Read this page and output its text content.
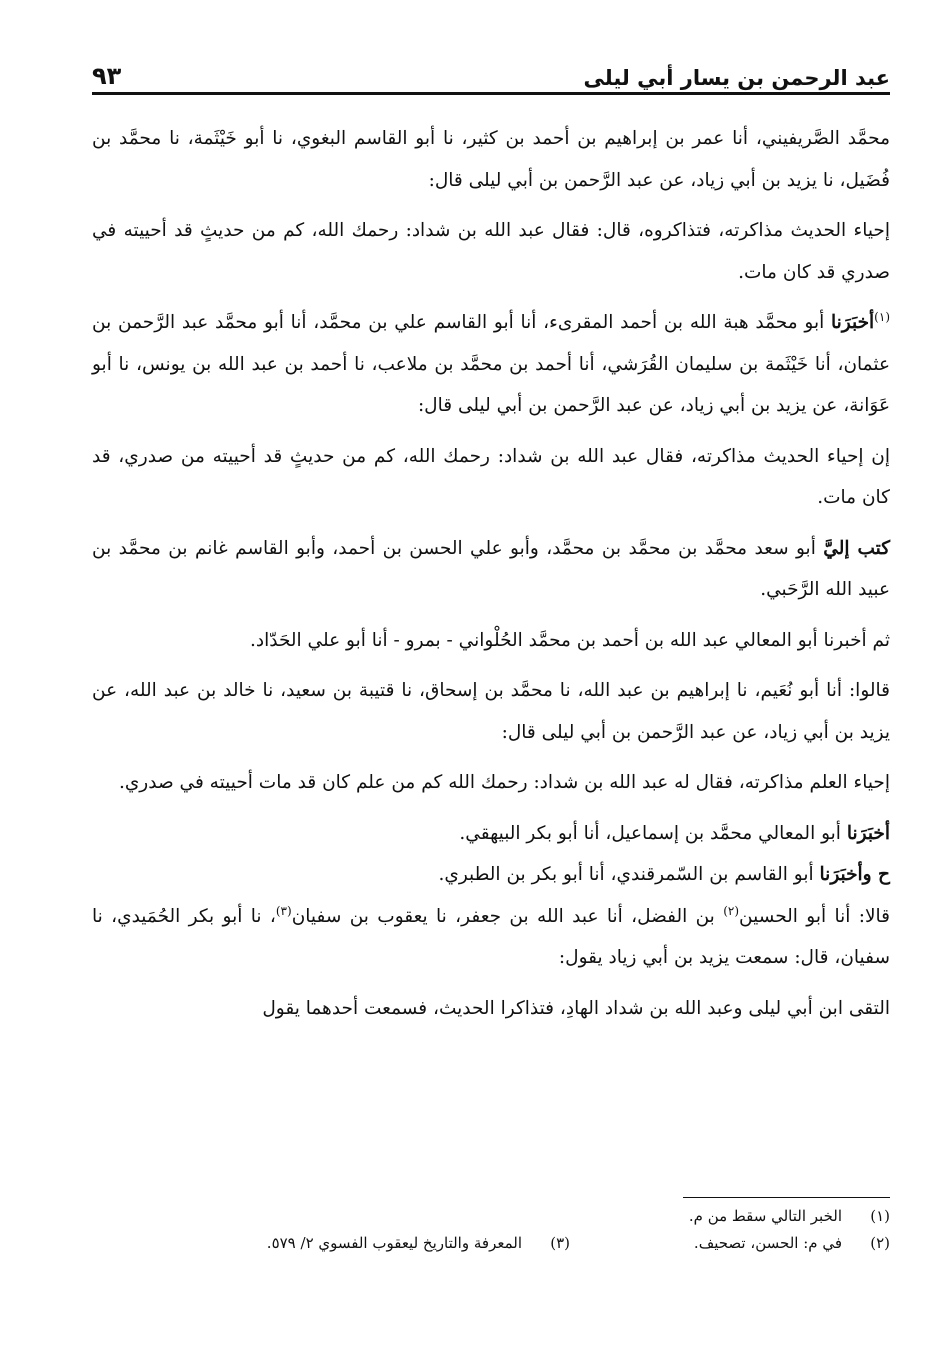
عبد الرحمن بن يسار أبي ليلى
٩٣

محمَّد الصَّريفيني، أنا عمر بن إبراهيم بن أحمد بن كثير، نا أبو القاسم البغوي، نا أبو خَيْثَمة، نا محمَّد بن فُضَيل، نا يزيد بن أبي زياد، عن عبد الرَّحمن بن أبي ليلى قال:

إحياء الحديث مذاكرته، فتذاكروه، قال: فقال عبد الله بن شداد: رحمك الله، كم من حديثٍ قد أحييته في صدري قد كان مات.

$^{(١)}$أخبَرَنا أبو محمَّد هبة الله بن أحمد المقرىء، أنا أبو القاسم علي بن محمَّد، أنا أبو محمَّد عبد الرَّحمن بن عثمان، أنا خَيْثَمة بن سليمان القُرَشي، أنا أحمد بن محمَّد بن ملاعب، نا أحمد بن عبد الله بن يونس، نا أبو عَوَانة، عن يزيد بن أبي زياد، عن عبد الرَّحمن بن أبي ليلى قال:

إن إحياء الحديث مذاكرته، فقال عبد الله بن شداد: رحمك الله، كم من حديثٍ قد أحييته من صدري، قد كان مات.

كتب إليَّ أبو سعد محمَّد بن محمَّد بن محمَّد، وأبو علي الحسن بن أحمد، وأبو القاسم غانم بن محمَّد بن عبيد الله الرَّحَبي.

ثم أخبرنا أبو المعالي عبد الله بن أحمد بن محمَّد الحُلْواني - بمرو - أنا أبو علي الحَدّاد.

قالوا: أنا أبو نُعَيم، نا إبراهيم بن عبد الله، نا محمَّد بن إسحاق، نا قتيبة بن سعيد، نا خالد بن عبد الله، عن يزيد بن أبي زياد، عن عبد الرَّحمن بن أبي ليلى قال:

إحياء العلم مذاكرته، فقال له عبد الله بن شداد: رحمك الله كم من علم كان قد مات أحييته في صدري.

أخبَرَنا أبو المعالي محمَّد بن إسماعيل، أنا أبو بكر البيهقي.

ح وأخبَرَنا أبو القاسم بن السّمرقندي، أنا أبو بكر بن الطبري.

قالا: أنا أبو الحسين$^{(٢)}$ بن الفضل، أنا عبد الله بن جعفر، نا يعقوب بن سفيان$^{(٣)}$، نا أبو بكر الحُمَيدي، نا سفيان، قال: سمعت يزيد بن أبي زياد يقول:

التقى ابن أبي ليلى وعبد الله بن شداد الهادِ، فتذاكرا الحديث، فسمعت أحدهما يقول

(١)
الخبر التالي سقط من م.
(٢)
في م: الحسن، تصحيف.
(٣)
المعرفة والتاريخ ليعقوب الفسوي ٢/ ٥٧٩.
